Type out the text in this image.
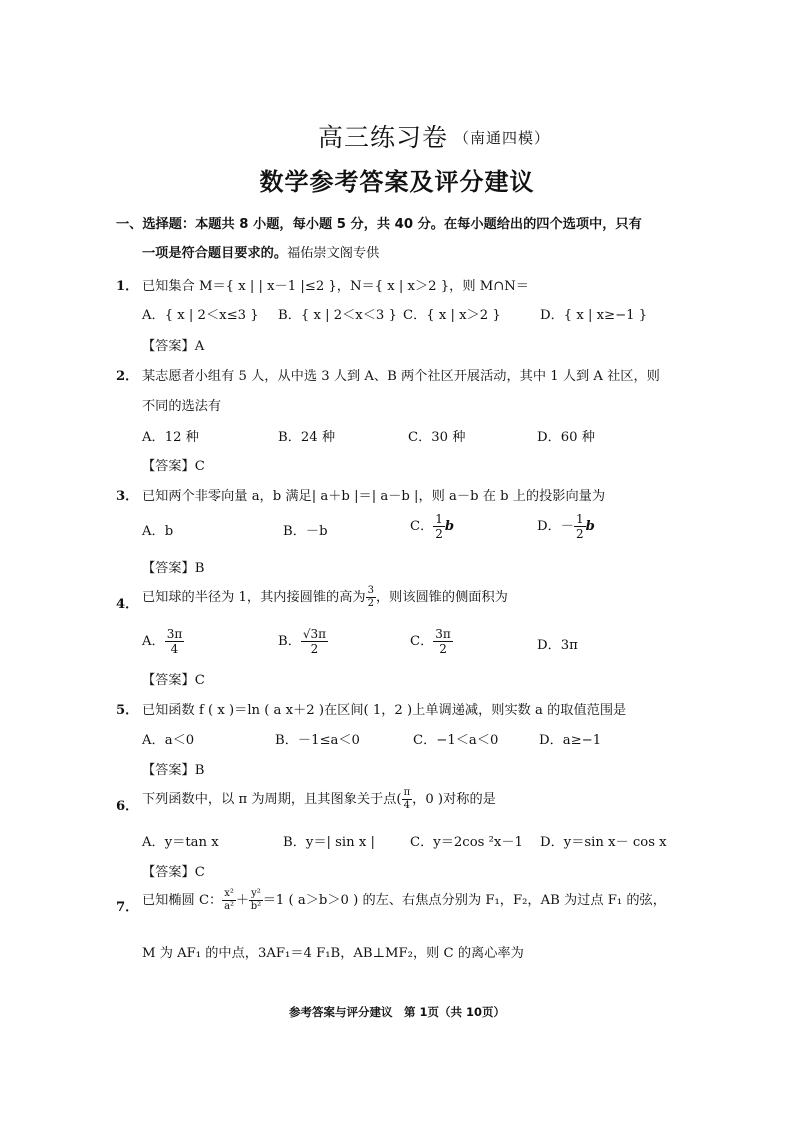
高三练习卷 （南通四模）
数学参考答案及评分建议
一、选择题：本题共 8 小题，每小题 5 分，共 40 分。在每小题给出的四个选项中，只有
一项是符合题目要求的。福佑崇文阁专供
1． 已知集合 M＝{ x | | x－1 |≤2 }，N＝{ x | x＞2 }，则 M∩N＝
A．{ x | 2＜x≤3 } B．{ x | 2＜x＜3 } C．{ x | x＞2 }	D．{ x | x≥−1 }
【答案】A
2． 某志愿者小组有 5 人，从中选 3 人到 A、B 两个社区开展活动，其中 1 人到 A 社区，则
不同的选法有
A．12 种	B．24 种	C．30 种	D．60 种
【答案】C
3． 已知两个非零向量 a，b 满足| a＋b |＝| a－b |，则 a－b 在 b 上的投影向量为
A．b	B．－b	C． $\frac{1}{2}$ b	D．－ $\frac{1}{2}$ b
【答案】B
4． 已知球的半径为 1，其内接圆锥的高为 $\frac{3}{2}$ ，则该圆锥的侧面积为
A． $\frac{3\pi}{4}$	B． $\frac{√3\pi}{2}$	C． $\frac{3\pi}{2}$	D．3π
【答案】C
5． 已知函数 f ( x )＝ln ( a x＋2 )在区间( 1，2 )上单调递减，则实数 a 的取值范围是
A．a＜0	B．－1≤a＜0	C．−1＜a＜0	D．a≥−1
【答案】B
6． 下列函数中，以 π 为周期，且其图象关于点( $\frac{\pi}{4}$ ，0 )对称的是
A．y＝tan x	B．y＝| sin x |	C．y＝2cos ²x－1 D．y＝sin x－ cos x
【答案】C
7． 已知椭圆 C： $\frac{\text{x²}}{\text{a²}} + \frac{\text{y²}}{\text{b²}} =1$ ( a＞b＞0 ) 的左、右焦点分别为 F₁，F₂，AB 为过点 F₁ 的弦，
M 为 AF₁ 的中点，3AF₁＝4 F₁B，AB⊥MF₂，则 C 的离心率为
参考答案与评分建议　第 1页（共 10页）
